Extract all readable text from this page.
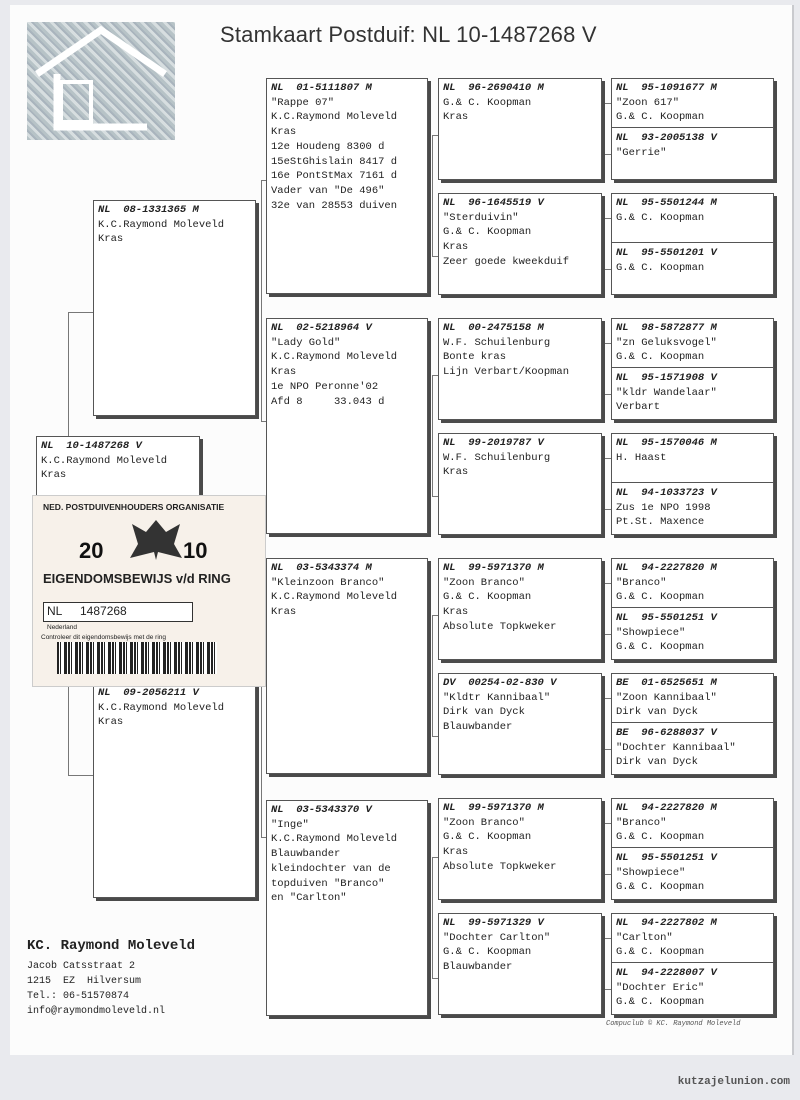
Stamkaart Postduif: NL 10-1487268 V
NL  10-1487268 V
K.C.Raymond Moleveld
Kras
NL  08-1331365 M
K.C.Raymond Moleveld
Kras
NL  09-2056211 V
K.C.Raymond Moleveld
Kras
NL  01-5111807 M
"Rappe 07"
K.C.Raymond Moleveld
Kras
12e Houdeng 8300 d
15eStGhislain 8417 d
16e PontStMax 7161 d
Vader van "De 496"
32e van 28553 duiven
NL  02-5218964 V
"Lady Gold"
K.C.Raymond Moleveld
Kras
1e NPO Peronne'02
Afd 8     33.043 d
NL  03-5343374 M
"Kleinzoon Branco"
K.C.Raymond Moleveld
Kras
NL  03-5343370 V
"Inge"
K.C.Raymond Moleveld
Blauwbander
kleindochter van de
topduiven "Branco"
en "Carlton"
NL  96-2690410 M
G.& C. Koopman
Kras
NL  96-1645519 V
"Sterduivin"
G.& C. Koopman
Kras
Zeer goede kweekduif
NL  00-2475158 M
W.F. Schuilenburg
Bonte kras
Lijn Verbart/Koopman
NL  99-2019787 V
W.F. Schuilenburg
Kras
NL  99-5971370 M
"Zoon Branco"
G.& C. Koopman
Kras
Absolute Topkweker
DV  00254-02-830 V
"Kldtr Kannibaal"
Dirk van Dyck
Blauwbander
NL  99-5971370 M
"Zoon Branco"
G.& C. Koopman
Kras
Absolute Topkweker
NL  99-5971329 V
"Dochter Carlton"
G.& C. Koopman
Blauwbander
NL  95-1091677 M
"Zoon 617"
G.& C. Koopman
NL  93-2005138 V
"Gerrie"
NL  95-5501244 M
G.& C. Koopman
NL  95-5501201 V
G.& C. Koopman
NL  98-5872877 M
"zn Geluksvogel"
G.& C. Koopman
NL  95-1571908 V
"kldr Wandelaar"
Verbart
NL  95-1570046 M
H. Haast
NL  94-1033723 V
Zus 1e NPO 1998
Pt.St. Maxence
NL  94-2227820 M
"Branco"
G.& C. Koopman
NL  95-5501251 V
"Showpiece"
G.& C. Koopman
BE  01-6525651 M
"Zoon Kannibaal"
Dirk van Dyck
BE  96-6288037 V
"Dochter Kannibaal"
Dirk van Dyck
NL  94-2227820 M
"Branco"
G.& C. Koopman
NL  95-5501251 V
"Showpiece"
G.& C. Koopman
NL  94-2227802 M
"Carlton"
G.& C. Koopman
NL  94-2228007 V
"Dochter Eric"
G.& C. Koopman
NED. POSTDUIVENHOUDERS ORGANISATIE
20	10
EIGENDOMSBEWIJS v/d RING
NL 1487268
Nederland
Controleer dit eigendomsbewijs met de ring
KC. Raymond Moleveld
Jacob Catsstraat 2
1215  EZ  Hilversum
Tel.: 06-51570874
info@raymondmoleveld.nl
Compuclub © KC. Raymond Moleveld
kutzajelunion.com
